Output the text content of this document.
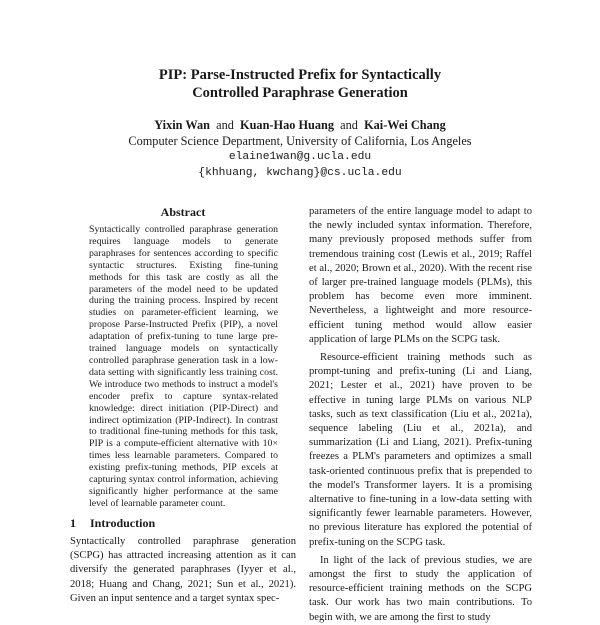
PIP: Parse-Instructed Prefix for Syntactically
Controlled Paraphrase Generation
Yixin Wan and Kuan-Hao Huang and Kai-Wei Chang
Computer Science Department, University of California, Los Angeles
elaine1wan@g.ucla.edu
{khhuang, kwchang}@cs.ucla.edu
Abstract
Syntactically controlled paraphrase generation requires language models to generate paraphrases for sentences according to specific syntactic structures. Existing fine-tuning methods for this task are costly as all the parameters of the model need to be updated during the training process. Inspired by recent studies on parameter-efficient learning, we propose Parse-Instructed Prefix (PIP), a novel adaptation of prefix-tuning to tune large pre-trained language models on syntactically controlled paraphrase generation task in a low-data setting with significantly less training cost. We introduce two methods to instruct a model's encoder prefix to capture syntax-related knowledge: direct initiation (PIP-Direct) and indirect optimization (PIP-Indirect). In contrast to traditional fine-tuning methods for this task, PIP is a compute-efficient alternative with 10× times less learnable parameters. Compared to existing prefix-tuning methods, PIP excels at capturing syntax control information, achieving significantly higher performance at the same level of learnable parameter count.
1 Introduction

Syntactically controlled paraphrase generation (SCPG) has attracted increasing attention as it can diversify the generated paraphrases (Iyyer et al., 2018; Huang and Chang, 2021; Sun et al., 2021). Given an input sentence and a target syntax spec-

parameters of the entire language model to adapt to the newly included syntax information. Therefore, many previously proposed methods suffer from tremendous training cost (Lewis et al., 2019; Raffel et al., 2020; Brown et al., 2020). With the recent rise of larger pre-trained language models (PLMs), this problem has become even more imminent. Nevertheless, a lightweight and more resource-efficient tuning method would allow easier application of large PLMs on the SCPG task.

Resource-efficient training methods such as prompt-tuning and prefix-tuning (Li and Liang, 2021; Lester et al., 2021) have proven to be effective in tuning large PLMs on various NLP tasks, such as text classification (Liu et al., 2021a), sequence labeling (Liu et al., 2021a), and summarization (Li and Liang, 2021). Prefix-tuning freezes a PLM's parameters and optimizes a small task-oriented continuous prefix that is prepended to the model's Transformer layers. It is a promising alternative to fine-tuning in a low-data setting with significantly fewer learnable parameters. However, no previous literature has explored the potential of prefix-tuning on the SCPG task.

In light of the lack of previous studies, we are amongst the first to study the application of resource-efficient training methods on the SCPG task. Our work has two main contributions. To begin with, we are among the first to study
